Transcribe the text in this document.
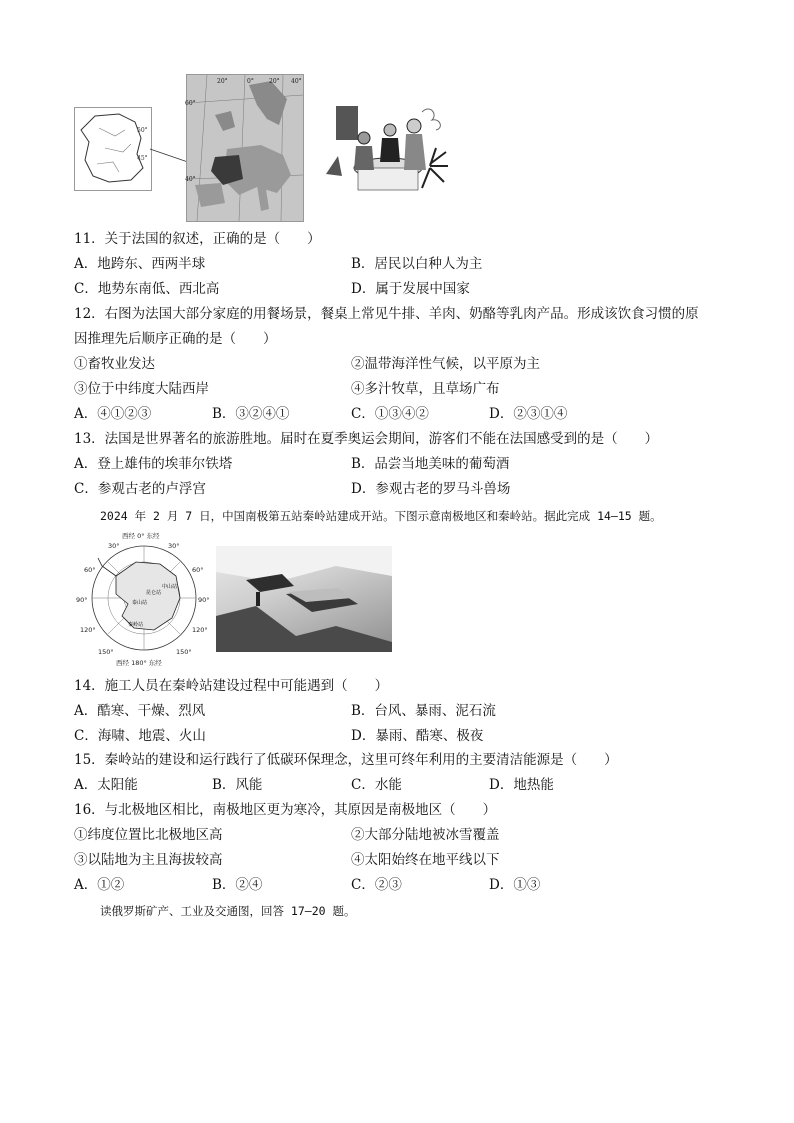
50°
45°
20°	0°	20° 40°
60°
40°
11．关于法国的叙述，正确的是（　　）
A．地跨东、西两半球	B．居民以白种人为主
C．地势东南低、西北高	D．属于发展中国家
12．右图为法国大部分家庭的用餐场景，餐桌上常见牛排、羊肉、奶酪等乳肉产品。形成该饮食习惯的原
因推理先后顺序正确的是（　　）
①畜牧业发达	②温带海洋性气候，以平原为主
③位于中纬度大陆西岸	④多汁牧草，且草场广布
A．④①②③	B．③②④①	C．①③④②	D．②③①④
13．法国是世界著名的旅游胜地。届时在夏季奥运会期间，游客们不能在法国感受到的是（　　）
A．登上雄伟的埃菲尔铁塔	B．品尝当地美味的葡萄酒
C．参观古老的卢浮宫	D．参观古老的罗马斗兽场
2024 年 2 月 7 日，中国南极第五站秦岭站建成开站。下图示意南极地区和秦岭站。据此完成 14—15 题。
西经 0° 东经
西经 180° 东经
30°	30°
60°	60°
90°	90°
120°	120°
150°	150°
秦岭站
中山站
昆仑站
泰山站
14．施工人员在秦岭站建设过程中可能遇到（　　）
A．酷寒、干燥、烈风	B．台风、暴雨、泥石流
C．海啸、地震、火山	D．暴雨、酷寒、极夜
15．秦岭站的建设和运行践行了低碳环保理念，这里可终年利用的主要清洁能源是（　　）
A．太阳能	B．风能	C．水能	D．地热能
16．与北极地区相比，南极地区更为寒冷，其原因是南极地区（　　）
①纬度位置比北极地区高	②大部分陆地被冰雪覆盖
③以陆地为主且海拔较高	④太阳始终在地平线以下
A．①②	B．②④	C．②③	D．①③
读俄罗斯矿产、工业及交通图，回答 17—20 题。
